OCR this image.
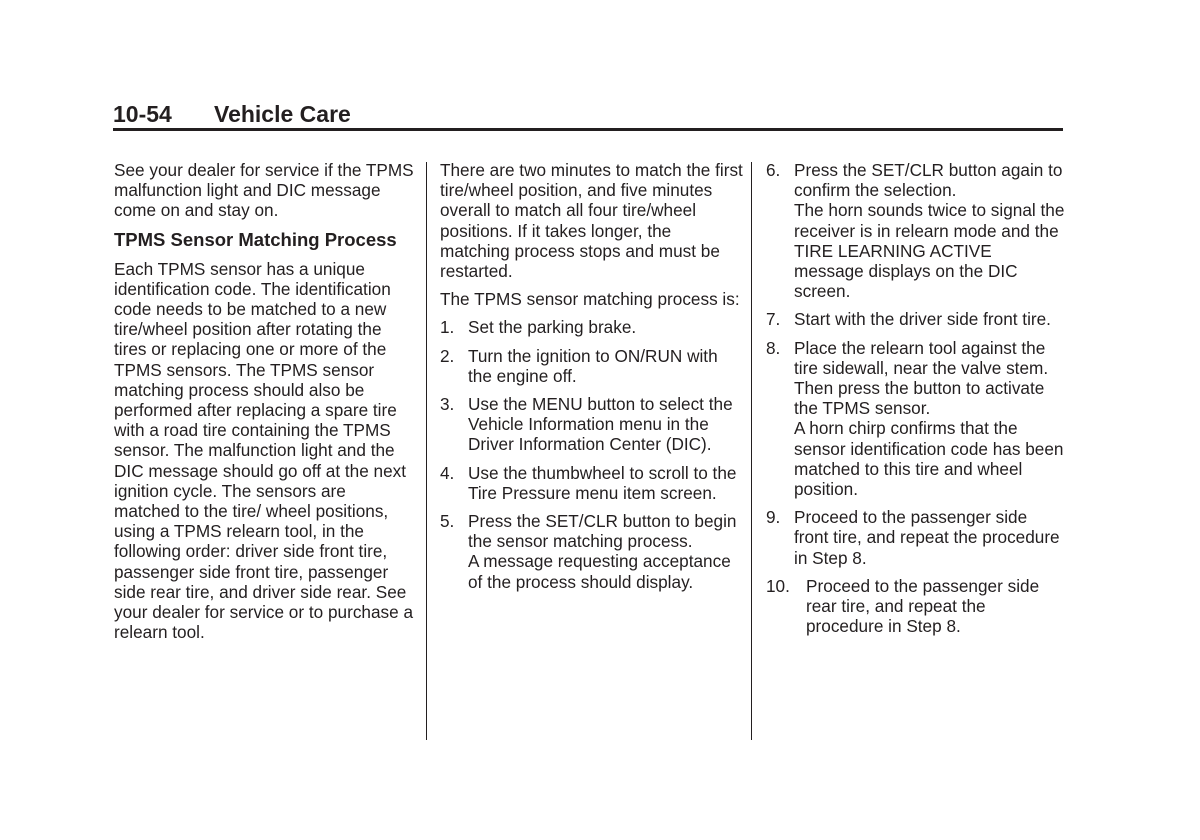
10-54 Vehicle Care

See your dealer for service if the TPMS malfunction light and DIC message come on and stay on.

TPMS Sensor Matching Process

Each TPMS sensor has a unique identification code. The identification code needs to be matched to a new tire/wheel position after rotating the tires or replacing one or more of the TPMS sensors. The TPMS sensor matching process should also be performed after replacing a spare tire with a road tire containing the TPMS sensor. The malfunction light and the DIC message should go off at the next ignition cycle. The sensors are matched to the tire/ wheel positions, using a TPMS relearn tool, in the following order: driver side front tire, passenger side front tire, passenger side rear tire, and driver side rear. See your dealer for service or to purchase a relearn tool.

There are two minutes to match the first tire/wheel position, and five minutes overall to match all four tire/wheel positions. If it takes longer, the matching process stops and must be restarted.

The TPMS sensor matching process is:

1. Set the parking brake.

2. Turn the ignition to ON/RUN with the engine off.

3. Use the MENU button to select the Vehicle Information menu in the Driver Information Center (DIC).

4. Use the thumbwheel to scroll to the Tire Pressure menu item screen.

5. Press the SET/CLR button to begin the sensor matching process.

A message requesting acceptance of the process should display.

6. Press the SET/CLR button again to confirm the selection.

The horn sounds twice to signal the receiver is in relearn mode and the TIRE LEARNING ACTIVE message displays on the DIC screen.

7. Start with the driver side front tire.

8. Place the relearn tool against the tire sidewall, near the valve stem. Then press the button to activate the TPMS sensor.

A horn chirp confirms that the sensor identification code has been matched to this tire and wheel position.

9. Proceed to the passenger side front tire, and repeat the procedure in Step 8.

10. Proceed to the passenger side rear tire, and repeat the procedure in Step 8.
